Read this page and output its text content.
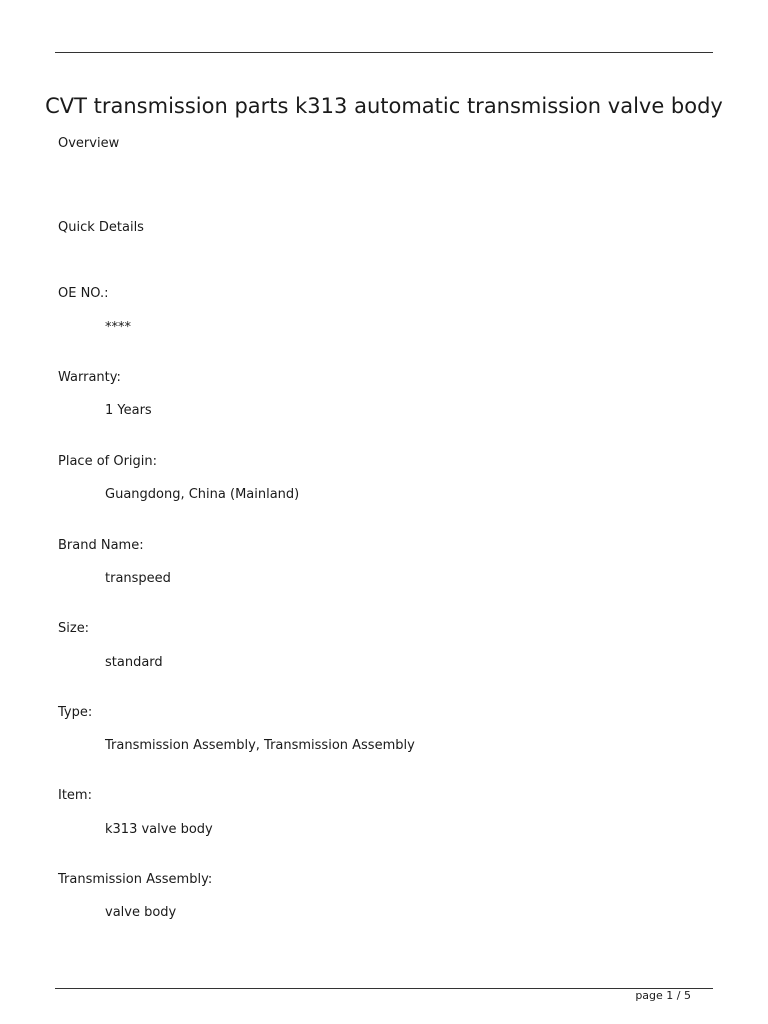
CVT transmission parts k313 automatic transmission valve body
Overview
Quick Details
OE NO.:
****
Warranty:
1 Years
Place of Origin:
Guangdong, China (Mainland)
Brand Name:
transpeed
Size:
standard
Type:
Transmission Assembly, Transmission Assembly
Item:
k313 valve body
Transmission Assembly:
valve body
page 1 / 5
